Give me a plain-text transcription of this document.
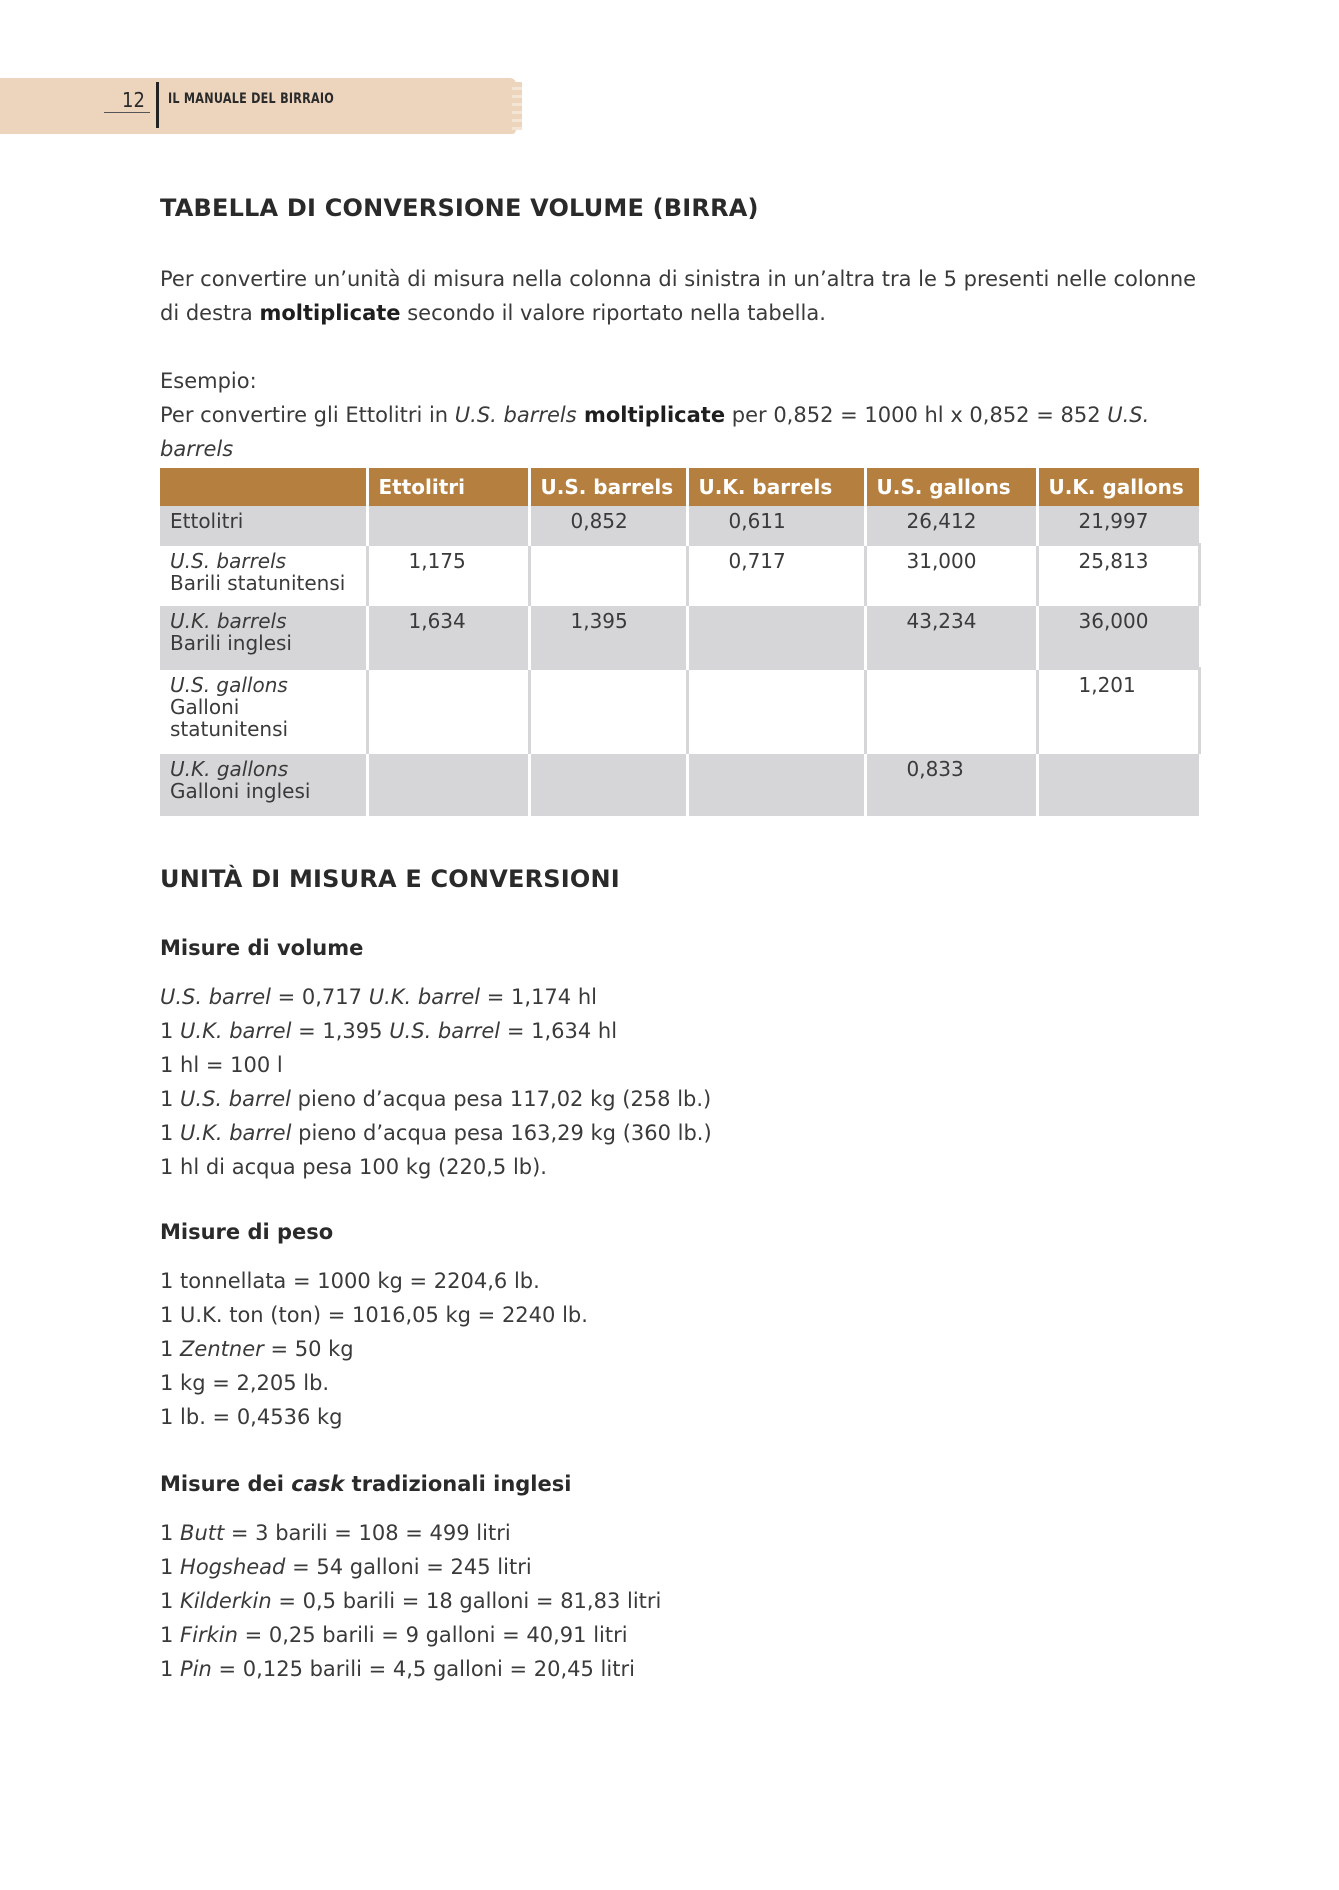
12 IL MANUALE DEL BIRRAIO
TABELLA DI CONVERSIONE VOLUME (BIRRA)

Per convertire un’unità di misura nella colonna di sinistra in un’altra tra le 5 presenti nelle colonne di destra moltiplicate secondo il valore riportato nella tabella.

Esempio:

Per convertire gli Ettolitri in U.S. barrels moltiplicate per 0,852 = 1000 hl x 0,852 = 852 U.S. barrels

	Ettolitri	U.S. barrels	U.K. barrels	U.S. gallons	U.K. gallons

Ettolitri		0,852	0,611	26,412	21,997

U.S. barrels
Barili statunitensi	1,175		0,717	31,000	25,813

U.K. barrels
Barili inglesi	1,634	1,395		43,234	36,000

U.S. gallons
Galloni statunitensi					1,201

U.K. gallons
Galloni inglesi				0,833	
UNITÀ DI MISURA E CONVERSIONI
Misure di volume
U.S. barrel = 0,717 U.K. barrel = 1,174 hl
1 U.K. barrel = 1,395 U.S. barrel = 1,634 hl
1 hl = 100 l
1 U.S. barrel pieno d’acqua pesa 117,02 kg (258 lb.)
1 U.K. barrel pieno d’acqua pesa 163,29 kg (360 lb.)
1 hl di acqua pesa 100 kg (220,5 lb).
Misure di peso
1 tonnellata = 1000 kg = 2204,6 lb.
1 U.K. ton (ton) = 1016,05 kg = 2240 lb.
1 Zentner = 50 kg
1 kg = 2,205 lb.
1 lb. = 0,4536 kg
Misure dei cask tradizionali inglesi
1 Butt = 3 barili = 108 = 499 litri
1 Hogshead = 54 galloni = 245 litri
1 Kilderkin = 0,5 barili = 18 galloni = 81,83 litri
1 Firkin = 0,25 barili = 9 galloni = 40,91 litri
1 Pin = 0,125 barili = 4,5 galloni = 20,45 litri
